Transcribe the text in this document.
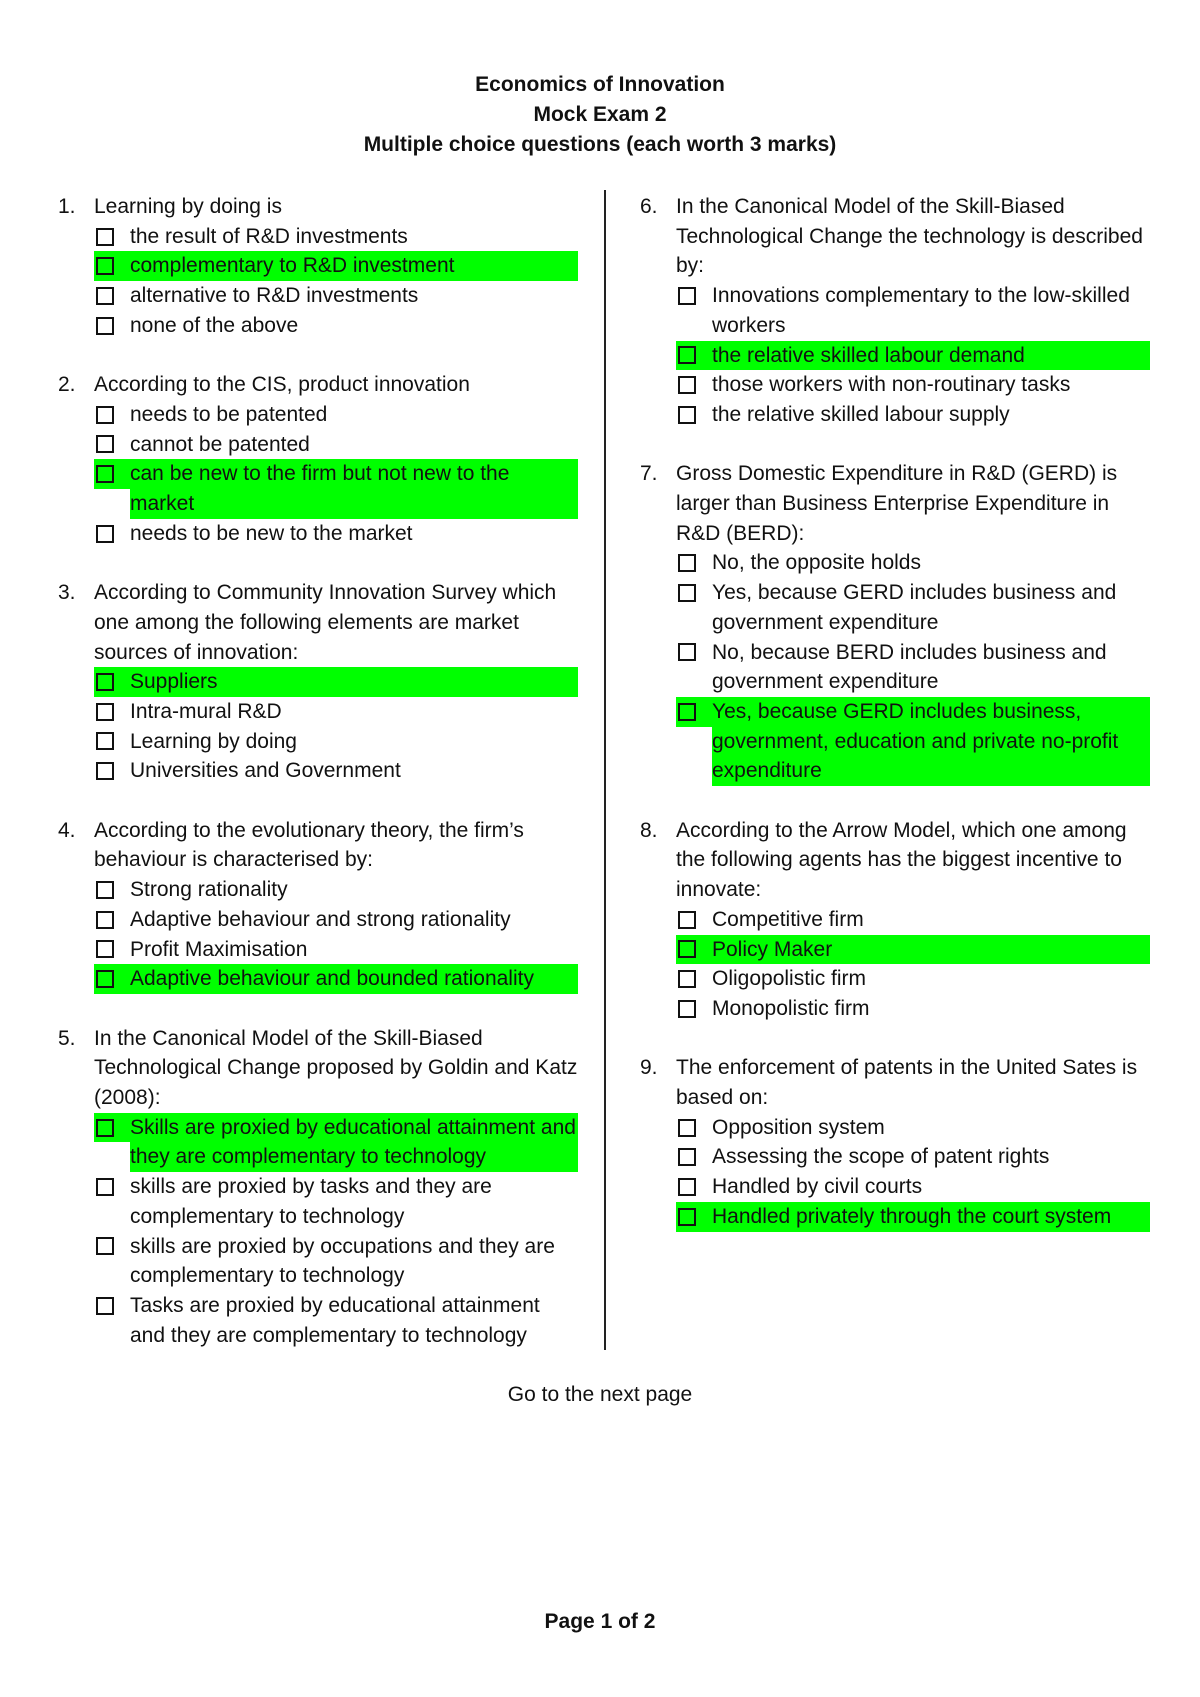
Economics of Innovation
Mock Exam 2
Multiple choice questions (each worth 3 marks)
1. Learning by doing is
the result of R&D investments
complementary to R&D investment
alternative to R&D investments
none of the above
2. According to the CIS, product innovation
needs to be patented
cannot be patented
can be new to the firm but not new to the market
needs to be new to the market
3. According to Community Innovation Survey which one among the following elements are market sources of innovation:
Suppliers
Intra-mural R&D
Learning by doing
Universities and Government
4. According to the evolutionary theory, the firm’s behaviour is characterised by:
Strong rationality
Adaptive behaviour and strong rationality
Profit Maximisation
Adaptive behaviour and bounded rationality
5. In the Canonical Model of the Skill-Biased Technological Change proposed by Goldin and Katz (2008):
Skills are proxied by educational attainment and they are complementary to technology
skills are proxied by tasks and they are complementary to technology
skills are proxied by occupations and they are complementary to technology
Tasks are proxied by educational attainment and they are complementary to technology
6. In the Canonical Model of the Skill-Biased Technological Change the technology is described by:
Innovations complementary to the low-skilled workers
the relative skilled labour demand
those workers with non-routinary tasks
the relative skilled labour supply
7. Gross Domestic Expenditure in R&D (GERD) is larger than Business Enterprise Expenditure in R&D (BERD):
No, the opposite holds
Yes, because GERD includes business and government expenditure
No, because BERD includes business and government expenditure
Yes, because GERD includes business, government, education and private no-profit expenditure
8. According to the Arrow Model, which one among the following agents has the biggest incentive to innovate:
Competitive firm
Policy Maker
Oligopolistic firm
Monopolistic firm
9. The enforcement of patents in the United Sates is based on:
Opposition system
Assessing the scope of patent rights
Handled by civil courts
Handled privately through the court system
Go to the next page
Page 1 of 2
